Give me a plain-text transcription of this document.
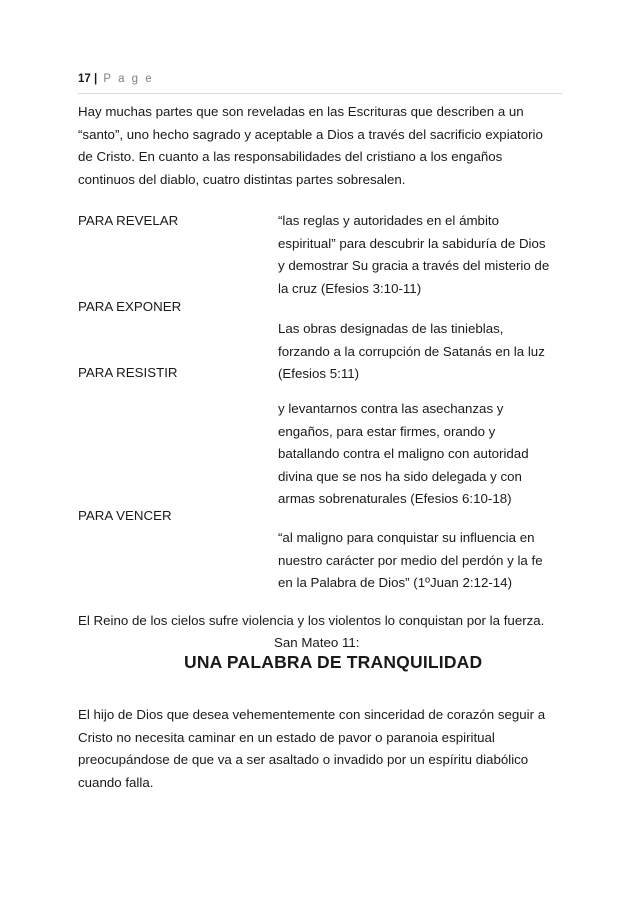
17 | P a g e
Hay muchas partes que son reveladas en las Escrituras que describen a un
“santo”, uno hecho sagrado y aceptable a Dios a través del sacrificio expiatorio
de Cristo. En cuanto a las responsabilidades del cristiano a los engaños
continuos del diablo, cuatro distintas partes sobresalen.
PARA REVELAR	“las reglas y autoridades en el ámbito
espiritual” para descubrir la sabiduría de Dios
y demostrar Su gracia a través del misterio de
la cruz (Efesios 3:10-11)
PARA EXPONER
Las obras designadas de las tinieblas,
forzando a la corrupción de Satanás en la luz
(Efesios 5:11)
PARA RESISTIR
y levantarnos contra las asechanzas y
engaños, para estar firmes, orando y
batallando contra el maligno con autoridad
divina que se nos ha sido delegada y con
armas sobrenaturales (Efesios 6:10-18)
PARA VENCER
“al maligno para conquistar su influencia en
nuestro carácter por medio del perdón y la fe
en la Palabra de Dios” (1ºJuan 2:12-14)
El Reino de los cielos sufre violencia y los violentos lo conquistan por la fuerza.
San Mateo 11:
UNA PALABRA DE TRANQUILIDAD
El hijo de Dios que desea vehementemente con sinceridad de corazón seguir a
Cristo no necesita caminar en un estado de pavor o paranoia espiritual
preocupándose de que va a ser asaltado o invadido por un espíritu diabólico
cuando falla.
